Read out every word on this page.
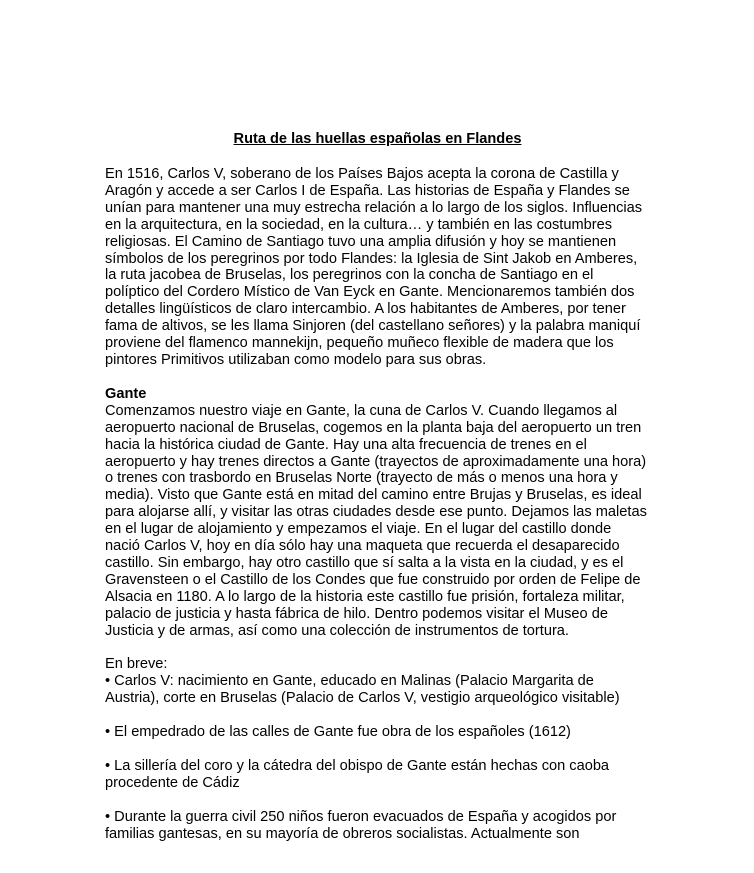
Ruta de las huellas españolas en Flandes

En 1516, Carlos V, soberano de los Países Bajos acepta la corona de Castilla y Aragón y accede a ser Carlos I de España. Las historias de España y Flandes se unían para mantener una muy estrecha relación a lo largo de los siglos. Influencias en la arquitectura, en la sociedad, en la cultura… y también en las costumbres religiosas. El Camino de Santiago tuvo una amplia difusión y hoy se mantienen símbolos de los peregrinos por todo Flandes: la Iglesia de Sint Jakob en Amberes, la ruta jacobea de Bruselas, los peregrinos con la concha de Santiago en el políptico del Cordero Místico de Van Eyck en Gante. Mencionaremos también dos detalles lingüísticos de claro intercambio. A los habitantes de Amberes, por tener fama de altivos, se les llama Sinjoren (del castellano señores) y la palabra maniquí proviene del flamenco mannekijn, pequeño muñeco flexible de madera que los pintores Primitivos utilizaban como modelo para sus obras.

Gante

Comenzamos nuestro viaje en Gante, la cuna de Carlos V. Cuando llegamos al aeropuerto nacional de Bruselas, cogemos en la planta baja del aeropuerto un tren hacia la histórica ciudad de Gante. Hay una alta frecuencia de trenes en el aeropuerto y hay trenes directos a Gante (trayectos de aproximadamente una hora) o trenes con trasbordo en Bruselas Norte (trayecto de más o menos una hora y media). Visto que Gante está en mitad del camino entre Brujas y Bruselas, es ideal para alojarse allí, y visitar las otras ciudades desde ese punto. Dejamos las maletas en el lugar de alojamiento y empezamos el viaje. En el lugar del castillo donde nació Carlos V, hoy en día sólo hay una maqueta que recuerda el desaparecido castillo. Sin embargo, hay otro castillo que sí salta a la vista en la ciudad, y es el Gravensteen o el Castillo de los Condes que fue construido por orden de Felipe de Alsacia en 1180. A lo largo de la historia este castillo fue prisión, fortaleza militar, palacio de justicia y hasta fábrica de hilo. Dentro podemos visitar el Museo de Justicia y de armas, así como una colección de instrumentos de tortura.

En breve:

• Carlos V: nacimiento en Gante, educado en Malinas (Palacio Margarita de Austria), corte en Bruselas (Palacio de Carlos V, vestigio arqueológico visitable)

• El empedrado de las calles de Gante fue obra de los españoles (1612)

• La sillería del coro y la cátedra del obispo de Gante están hechas con caoba procedente de Cádiz

• Durante la guerra civil 250 niños fueron evacuados de España y acogidos por familias gantesas, en su mayoría de obreros socialistas. Actualmente son
